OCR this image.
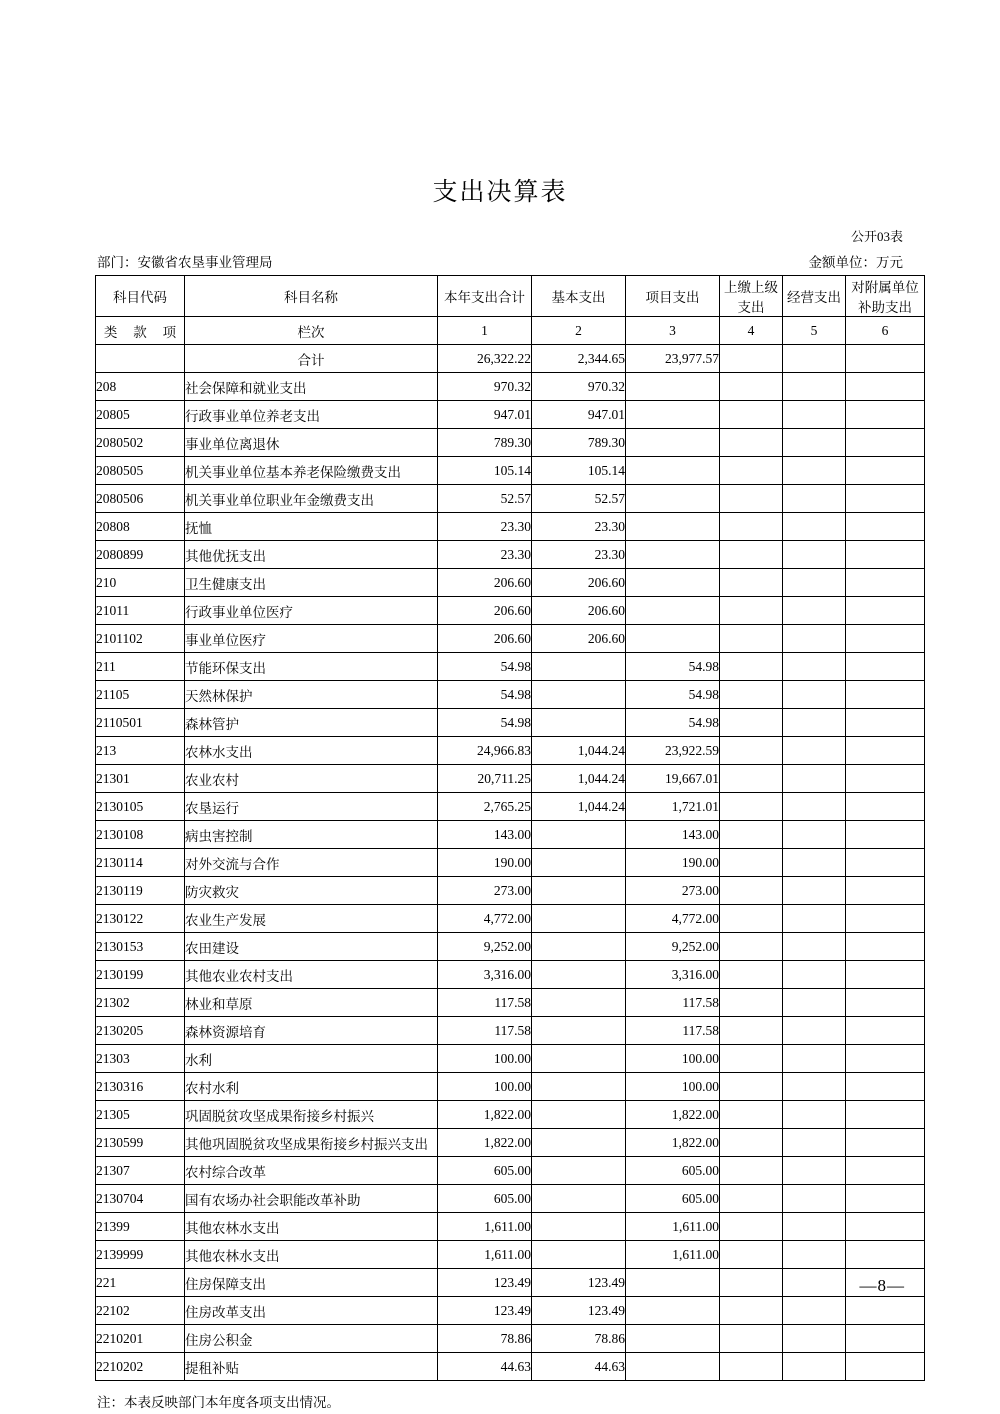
支出决算表
公开03表
部门：安徽省农垦事业管理局	金额单位：万元
科目代码	科目名称	本年支出合计	基本支出	项目支出	上缴上级支出	经营支出	对附属单位补助支出

类 款 项	栏次	1	2	3	4	5	6
	合计	26,322.22	2,344.65	23,977.57			
208	社会保障和就业支出	970.32	970.32				
20805	行政事业单位养老支出	947.01	947.01				
2080502	事业单位离退休	789.30	789.30				
2080505	机关事业单位基本养老保险缴费支出	105.14	105.14				
2080506	机关事业单位职业年金缴费支出	52.57	52.57				
20808	抚恤	23.30	23.30				
2080899	其他优抚支出	23.30	23.30				
210	卫生健康支出	206.60	206.60				
21011	行政事业单位医疗	206.60	206.60				
2101102	事业单位医疗	206.60	206.60				
211	节能环保支出	54.98		54.98			
21105	天然林保护	54.98		54.98			
2110501	森林管护	54.98		54.98			
213	农林水支出	24,966.83	1,044.24	23,922.59			
21301	农业农村	20,711.25	1,044.24	19,667.01			
2130105	农垦运行	2,765.25	1,044.24	1,721.01			
2130108	病虫害控制	143.00		143.00			
2130114	对外交流与合作	190.00		190.00			
2130119	防灾救灾	273.00		273.00			
2130122	农业生产发展	4,772.00		4,772.00			
2130153	农田建设	9,252.00		9,252.00			
2130199	其他农业农村支出	3,316.00		3,316.00			
21302	林业和草原	117.58		117.58			
2130205	森林资源培育	117.58		117.58			
21303	水利	100.00		100.00			
2130316	农村水利	100.00		100.00			
21305	巩固脱贫攻坚成果衔接乡村振兴	1,822.00		1,822.00			
2130599	其他巩固脱贫攻坚成果衔接乡村振兴支出	1,822.00		1,822.00			
21307	农村综合改革	605.00		605.00			
2130704	国有农场办社会职能改革补助	605.00		605.00			
21399	其他农林水支出	1,611.00		1,611.00			
2139999	其他农林水支出	1,611.00		1,611.00			
221	住房保障支出	123.49	123.49				
22102	住房改革支出	123.49	123.49				
2210201	住房公积金	78.86	78.86				
2210202	提租补贴	44.63	44.63				
注：本表反映部门本年度各项支出情况。
—8—
